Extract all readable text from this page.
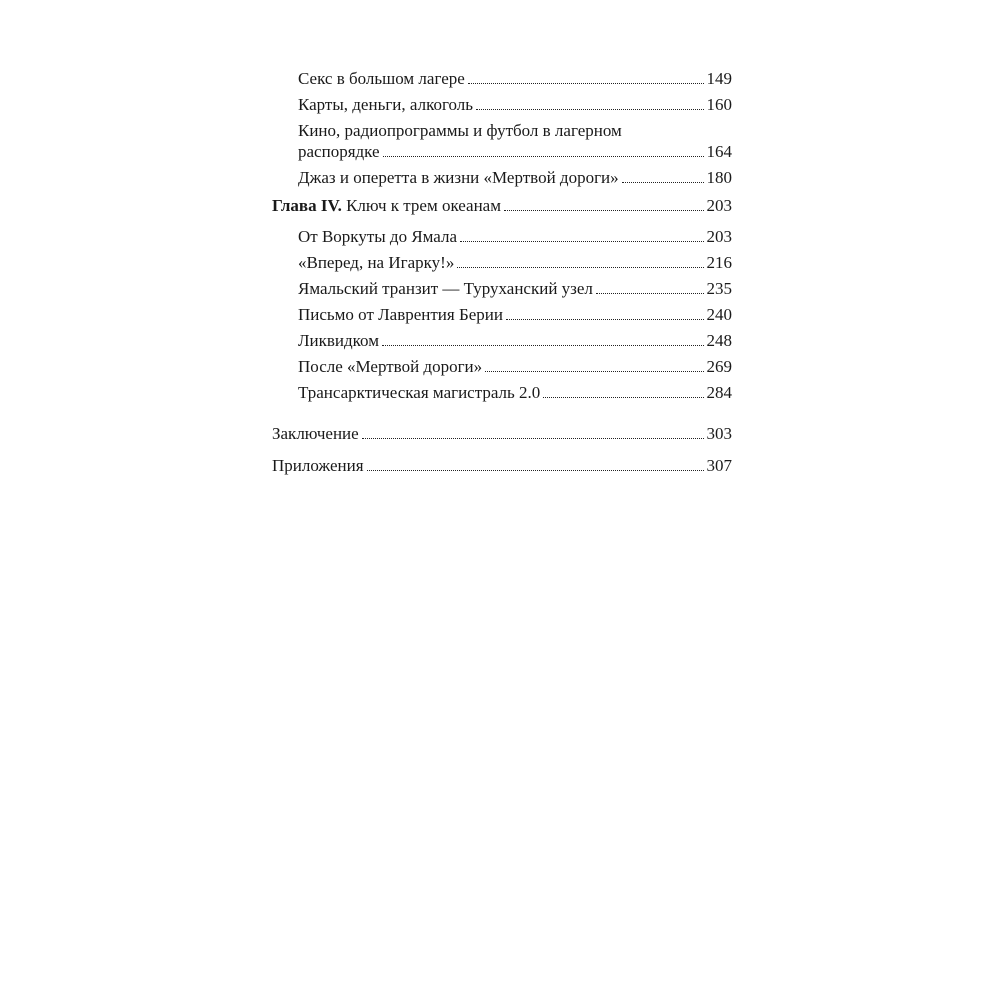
Секс в большом лагере	149
Карты, деньги, алкоголь	160
Кино, радиопрограммы и футбол в лагерном
распорядке	164
Джаз и оперетта в жизни «Мертвой дороги»	180
Глава IV. Ключ к трем океанам	203
От Воркуты до Ямала	203
«Вперед, на Игарку!»	216
Ямальский транзит — Туруханский узел	235
Письмо от Лаврентия Берии	240
Ликвидком	248
После «Мертвой дороги»	269
Трансарктическая магистраль 2.0	284
Заключение	303
Приложения	307
